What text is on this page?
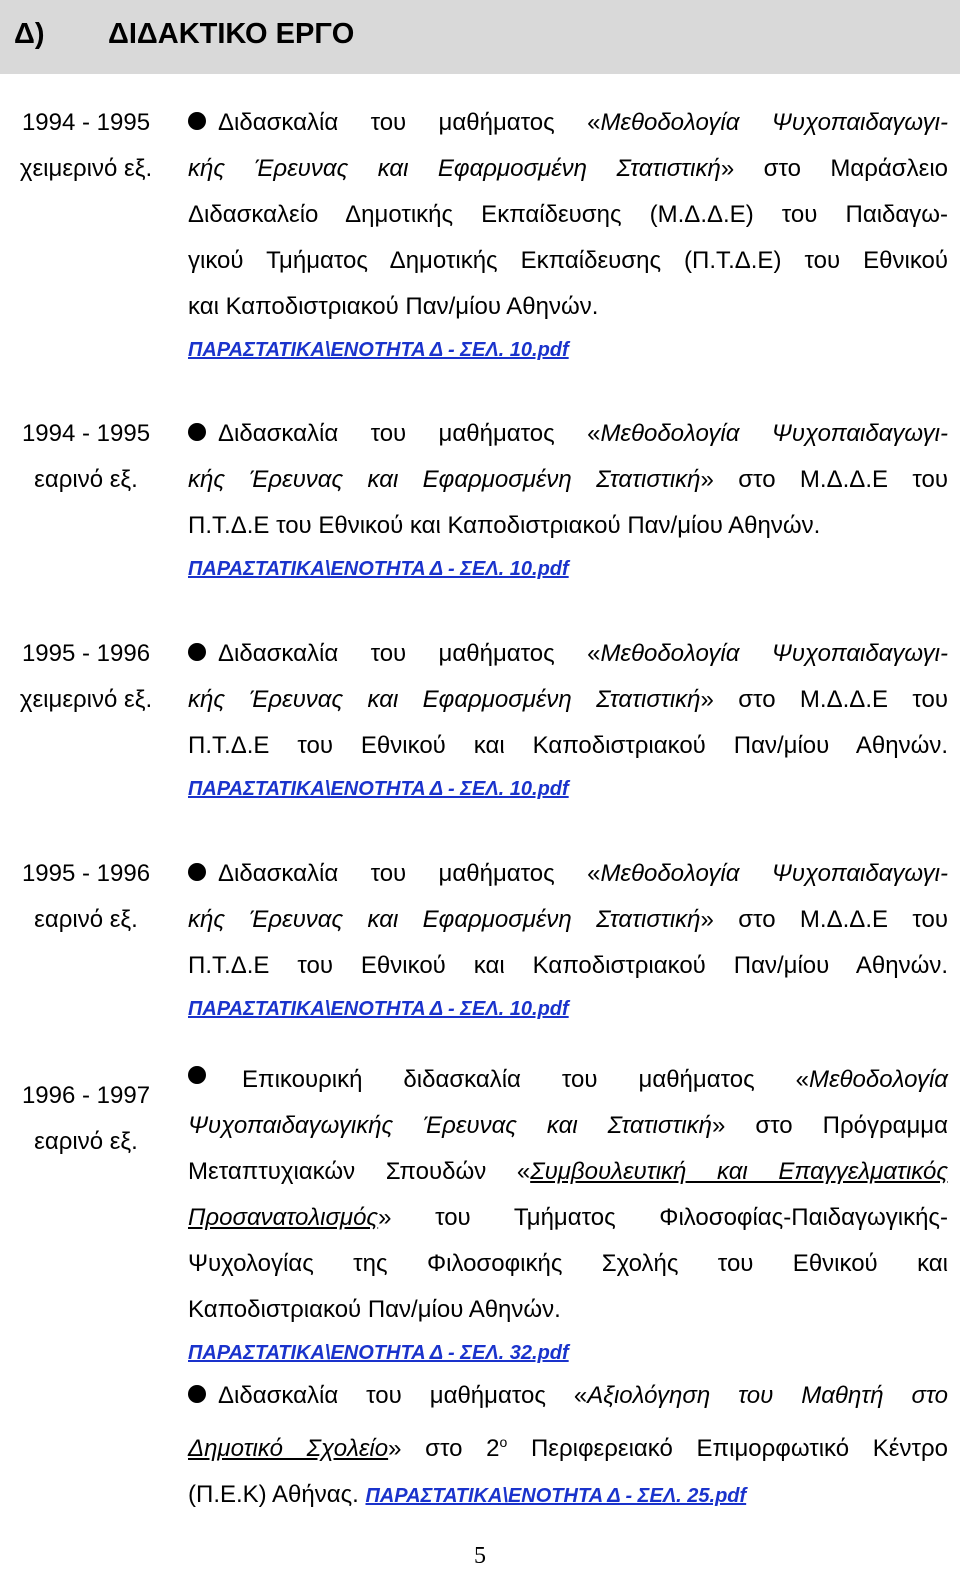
Δ) ΔΙΔΑΚΤΙΚΟ ΕΡΓΟ
1994 - 1995
χειμερινό εξ.
Διδασκαλία του μαθήματος «Μεθοδολογία Ψυχοπαιδαγωγι-
κής Έρευνας και Εφαρμοσμένη Στατιστική» στο Μαράσλειο
Διδασκαλείο Δημοτικής Εκπαίδευσης (Μ.Δ.Δ.Ε) του Παιδαγω-
γικού Τμήματος Δημοτικής Εκπαίδευσης (Π.Τ.Δ.Ε) του Εθνικού
και Καποδιστριακού Παν/μίου Αθηνών.
ΠΑΡΑΣΤΑΤΙΚΑ\ΕΝΟΤΗΤΑ Δ - ΣΕΛ. 10.pdf
1994 - 1995
εαρινό εξ.
Διδασκαλία του μαθήματος «Μεθοδολογία Ψυχοπαιδαγωγι-
κής Έρευνας και Εφαρμοσμένη Στατιστική» στο Μ.Δ.Δ.Ε του
Π.Τ.Δ.Ε του Εθνικού και Καποδιστριακού Παν/μίου Αθηνών.
ΠΑΡΑΣΤΑΤΙΚΑ\ΕΝΟΤΗΤΑ Δ - ΣΕΛ. 10.pdf
1995 - 1996
χειμερινό εξ.
Διδασκαλία του μαθήματος «Μεθοδολογία Ψυχοπαιδαγωγι-
κής Έρευνας και Εφαρμοσμένη Στατιστική» στο Μ.Δ.Δ.Ε του
Π.Τ.Δ.Ε του Εθνικού και Καποδιστριακού Παν/μίου Αθηνών.
ΠΑΡΑΣΤΑΤΙΚΑ\ΕΝΟΤΗΤΑ Δ - ΣΕΛ. 10.pdf
1995 - 1996
εαρινό εξ.
Διδασκαλία του μαθήματος «Μεθοδολογία Ψυχοπαιδαγωγι-
κής Έρευνας και Εφαρμοσμένη Στατιστική» στο Μ.Δ.Δ.Ε του
Π.Τ.Δ.Ε του Εθνικού και Καποδιστριακού Παν/μίου Αθηνών.
ΠΑΡΑΣΤΑΤΙΚΑ\ΕΝΟΤΗΤΑ Δ - ΣΕΛ. 10.pdf
1996 - 1997
εαρινό εξ.
Επικουρική διδασκαλία του μαθήματος «Μεθοδολογία
Ψυχοπαιδαγωγικής Έρευνας και Στατιστική» στο Πρόγραμμα
Μεταπτυχιακών Σπουδών «Συμβουλευτική και Επαγγελματικός
Προσανατολισμός» του Τμήματος Φιλοσοφίας-Παιδαγωγικής-
Ψυχολογίας της Φιλοσοφικής Σχολής του Εθνικού και
Καποδιστριακού Παν/μίου Αθηνών.
ΠΑΡΑΣΤΑΤΙΚΑ\ΕΝΟΤΗΤΑ Δ - ΣΕΛ. 32.pdf
Διδασκαλία του μαθήματος «Αξιολόγηση του Μαθητή στο
Δημοτικό Σχολείο» στο $2^o$ Περιφερειακό Επιμορφωτικό Κέντρο
(Π.Ε.Κ) Αθήνας. ΠΑΡΑΣΤΑΤΙΚΑ\ΕΝΟΤΗΤΑ Δ - ΣΕΛ. 25.pdf
5
